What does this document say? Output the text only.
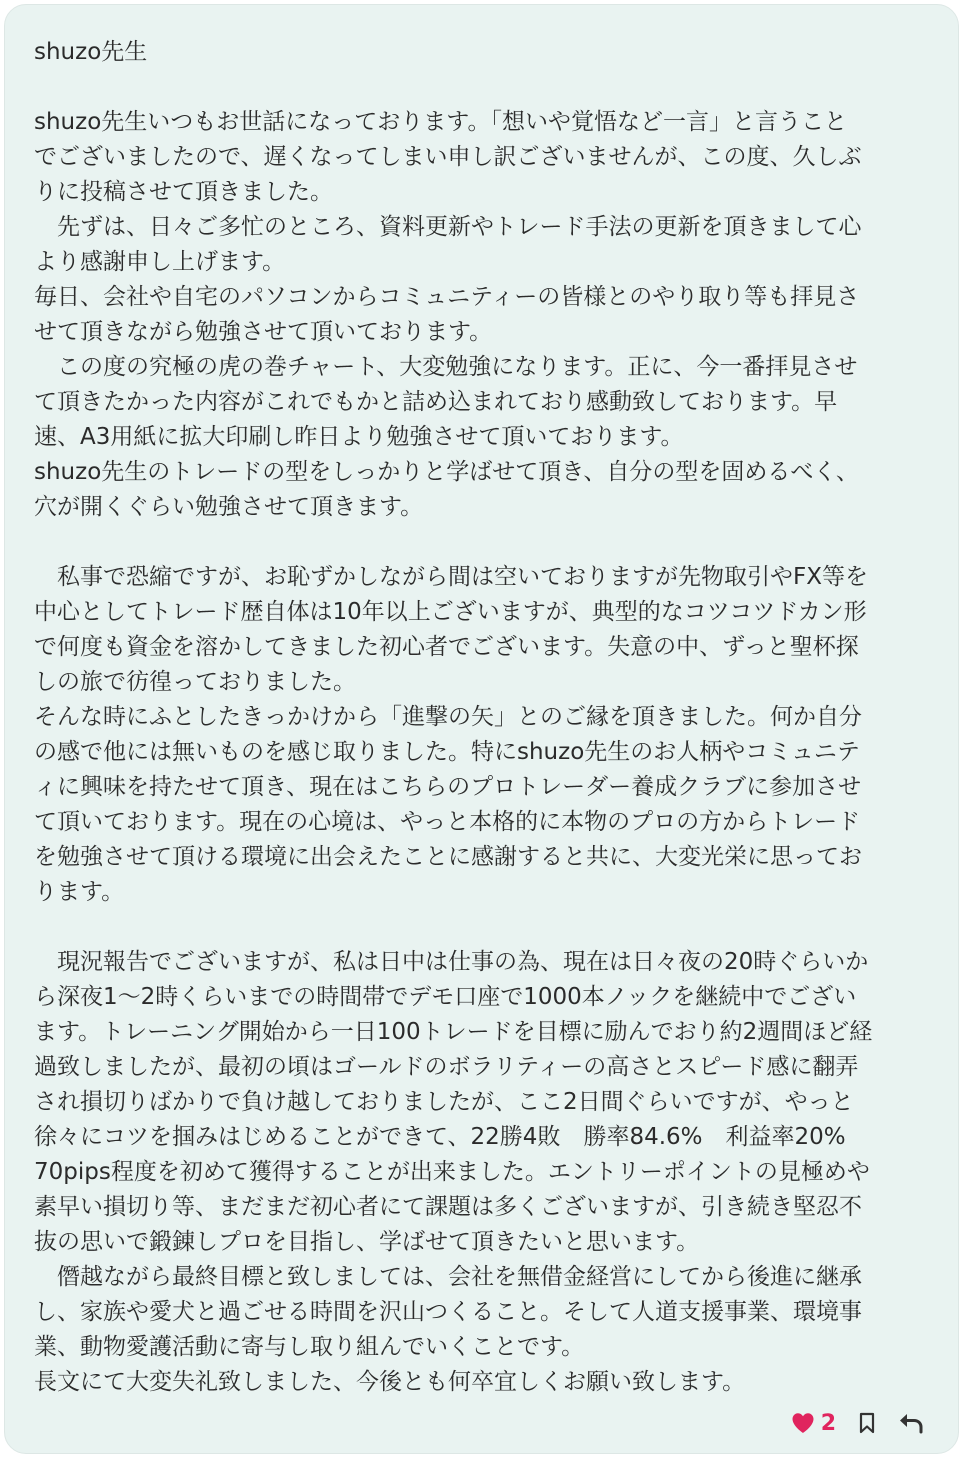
shuzo先生
shuzo先生いつもお世話になっております。「想いや覚悟など一言」と言うこと
でございましたので、遅くなってしまい申し訳ございませんが、この度、久しぶ
りに投稿させて頂きました。
　先ずは、日々ご多忙のところ、資料更新やトレード手法の更新を頂きまして心
より感謝申し上げます。
毎日、会社や自宅のパソコンからコミュニティーの皆様とのやり取り等も拝見さ
せて頂きながら勉強させて頂いております。
　この度の究極の虎の巻チャート、大変勉強になります。正に、今一番拝見させ
て頂きたかった内容がこれでもかと詰め込まれており感動致しております。早
速、A3用紙に拡大印刷し昨日より勉強させて頂いております。
shuzo先生のトレードの型をしっかりと学ばせて頂き、自分の型を固めるべく、
穴が開くぐらい勉強させて頂きます。
　私事で恐縮ですが、お恥ずかしながら間は空いておりますが先物取引やFX等を
中心としてトレード歴自体は10年以上ございますが、典型的なコツコツドカン形
で何度も資金を溶かしてきました初心者でございます。失意の中、ずっと聖杯探
しの旅で彷徨っておりました。
そんな時にふとしたきっかけから「進撃の矢」とのご縁を頂きました。何か自分
の感で他には無いものを感じ取りました。特にshuzo先生のお人柄やコミュニテ
ィに興味を持たせて頂き、現在はこちらのプロトレーダー養成クラブに参加させ
て頂いております。現在の心境は、やっと本格的に本物のプロの方からトレード
を勉強させて頂ける環境に出会えたことに感謝すると共に、大変光栄に思ってお
ります。
　現況報告でございますが、私は日中は仕事の為、現在は日々夜の20時ぐらいか
ら深夜1～2時くらいまでの時間帯でデモ口座で1000本ノックを継続中でござい
ます。トレーニング開始から一日100トレードを目標に励んでおり約2週間ほど経
過致しましたが、最初の頃はゴールドのボラリティーの高さとスピード感に翻弄
され損切りばかりで負け越しておりましたが、ここ2日間ぐらいですが、やっと
徐々にコツを掴みはじめることができて、22勝4敗　勝率84.6%　利益率20%
70pips程度を初めて獲得することが出来ました。エントリーポイントの見極めや
素早い損切り等、まだまだ初心者にて課題は多くございますが、引き続き堅忍不
抜の思いで鍛錬しプロを目指し、学ばせて頂きたいと思います。
　僭越ながら最終目標と致しましては、会社を無借金経営にしてから後進に継承
し、家族や愛犬と過ごせる時間を沢山つくること。そして人道支援事業、環境事
業、動物愛護活動に寄与し取り組んでいくことです。
長文にて大変失礼致しました、今後とも何卒宜しくお願い致します。
2
